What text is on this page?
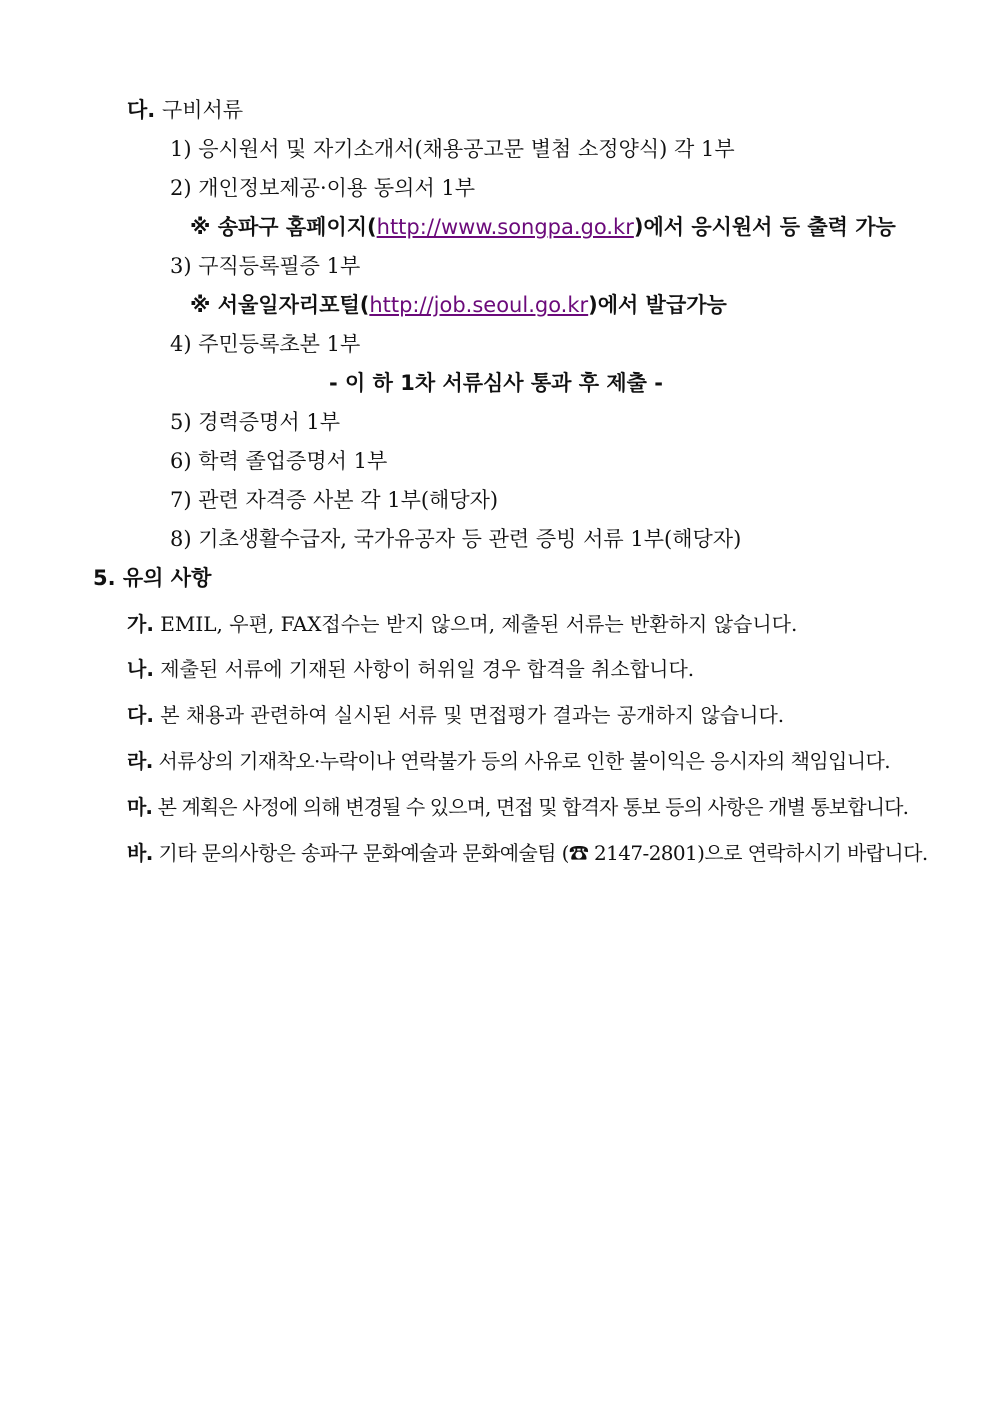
다. 구비서류
1) 응시원서 및 자기소개서(채용공고문 별첨 소정양식) 각 1부
2) 개인정보제공·이용 동의서 1부
※ 송파구 홈페이지(http://www.songpa.go.kr)에서 응시원서 등 출력 가능
3) 구직등록필증 1부
※ 서울일자리포털(http://job.seoul.go.kr)에서 발급가능
4) 주민등록초본 1부
- 이 하 1차 서류심사 통과 후 제출 -
5) 경력증명서 1부
6) 학력 졸업증명서 1부
7) 관련 자격증 사본 각 1부(해당자)
8) 기초생활수급자, 국가유공자 등 관련 증빙 서류 1부(해당자)
5. 유의 사항
가. EMIL, 우편, FAX접수는 받지 않으며, 제출된 서류는 반환하지 않습니다.
나. 제출된 서류에 기재된 사항이 허위일 경우 합격을 취소합니다.
다. 본 채용과 관련하여 실시된 서류 및 면접평가 결과는 공개하지 않습니다.
라. 서류상의 기재착오·누락이나 연락불가 등의 사유로 인한 불이익은 응시자의 책임입니다.
마. 본 계획은 사정에 의해 변경될 수 있으며, 면접 및 합격자 통보 등의 사항은 개별 통보합니다.
바. 기타 문의사항은 송파구 문화예술과 문화예술팀 (☎ 2147-2801)으로 연락하시기 바랍니다.
